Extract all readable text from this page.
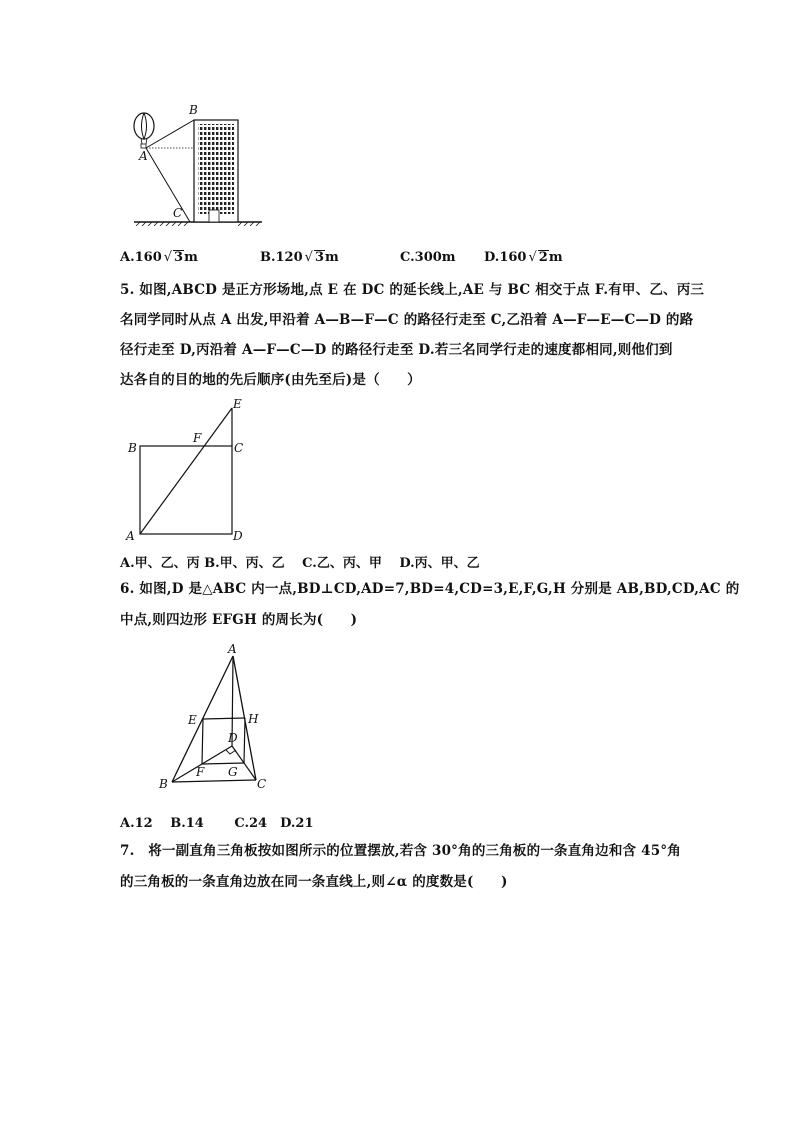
B
A
C
A.160 √ 3m	B.120 √ 3m	C.300m D.160 √ 2m
5. 如图,ABCD 是正方形场地,点 E 在 DC 的延长线上,AE 与 BC 相交于点 F.有甲、乙、丙三
名同学同时从点 A 出发,甲沿着 A—B—F—C 的路径行走至 C,乙沿着 A—F—E—C—D 的路
径行走至 D,丙沿着 A—F—C—D 的路径行走至 D.若三名同学行走的速度都相同,则他们到
达各自的目的地的先后顺序(由先至后)是（　　）
B
F
C
E
A	D
A.甲、乙、丙 B.甲、丙、乙　 C.乙、丙、甲　 D.丙、甲、乙
6. 如图,D 是△ABC 内一点,BD⊥CD,AD=7,BD=4,CD=3,E,F,G,H 分别是 AB,BD,CD,AC 的
中点,则四边形 EFGH 的周长为(　　)
A
E	H
D
B
F G
C
A.12　 B.14　 　C.24　D.21
7.　将一副直角三角板按如图所示的位置摆放,若含 30°角的三角板的一条直角边和含 45°角
的三角板的一条直角边放在同一条直线上,则∠α 的度数是(　　)
